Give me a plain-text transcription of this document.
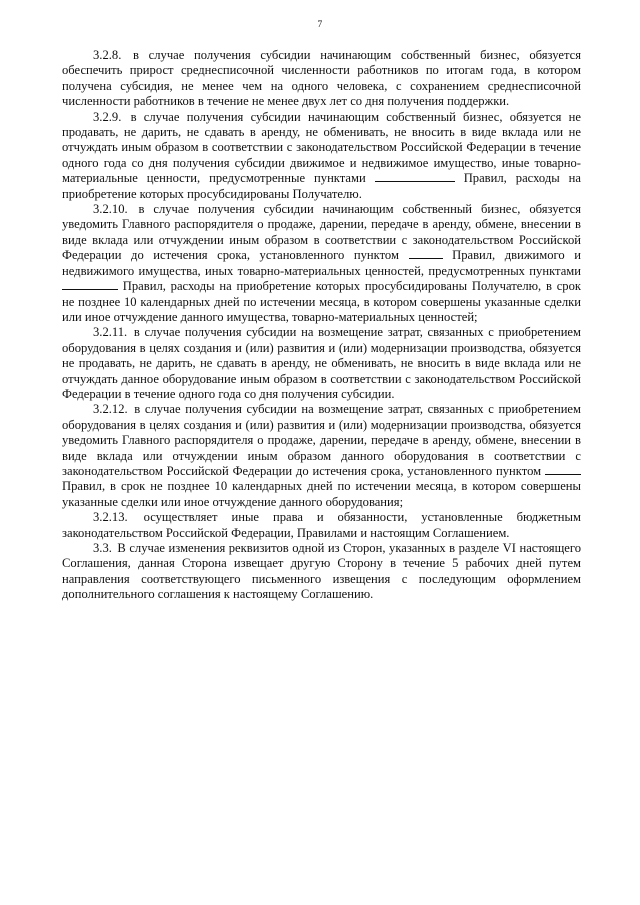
7

3.2.8. в случае получения субсидии начинающим собственный бизнес, обязуется обеспечить прирост среднесписочной численности работников по итогам года, в котором получена субсидия, не менее чем на одного человека, с сохранением среднесписочной численности работников в течение не менее двух лет со дня получения поддержки.

3.2.9. в случае получения субсидии начинающим собственный бизнес, обязуется не продавать, не дарить, не сдавать в аренду, не обменивать, не вносить в виде вклада или не отчуждать иным образом в соответствии с законодательством Российской Федерации в течение одного года со дня получения субсидии движимое и недвижимое имущество, иные товарно-материальные ценности, предусмотренные пунктами	Правил, расходы на приобретение которых просубсидированы Получателю.

3.2.10. в случае получения субсидии начинающим собственный бизнес, обязуется уведомить Главного распорядителя о продаже, дарении, передаче в аренду, обмене, внесении в виде вклада или отчуждении иным образом в соответствии с законодательством Российской Федерации до истечения срока, установленного пунктом	Правил, движимого и недвижимого имущества, иных товарно-материальных ценностей, предусмотренных пунктами  Правил, расходы на приобретение которых просубсидированы Получателю, в срок не позднее 10 календарных дней по истечении месяца, в котором совершены указанные сделки или иное отчуждение данного имущества, товарно-материальных ценностей;

3.2.11. в случае получения субсидии на возмещение затрат, связанных с приобретением оборудования в целях создания и (или) развития и (или) модернизации производства, обязуется не продавать, не дарить, не сдавать в аренду, не обменивать, не вносить в виде вклада или не отчуждать данное оборудование иным образом в соответствии с законодательством Российской Федерации в течение одного года со дня получения субсидии.

3.2.12. в случае получения субсидии на возмещение затрат, связанных с приобретением оборудования в целях создания и (или) развития и (или) модернизации производства, обязуется уведомить Главного распорядителя о продаже, дарении, передаче в аренду, обмене, внесении в виде вклада или отчуждении иным образом данного оборудования в соответствии с законодательством Российской Федерации до истечения срока, установленного пунктом  Правил, в срок не позднее 10 календарных дней по истечении месяца, в котором совершены указанные сделки или иное отчуждение данного оборудования;

3.2.13. осуществляет иные права и обязанности, установленные бюджетным законодательством Российской Федерации, Правилами и настоящим Соглашением.

3.3. В случае изменения реквизитов одной из Сторон, указанных в разделе VI настоящего Соглашения, данная Сторона извещает другую Сторону в течение 5 рабочих дней путем направления соответствующего письменного извещения с последующим оформлением дополнительного соглашения к настоящему Соглашению.
